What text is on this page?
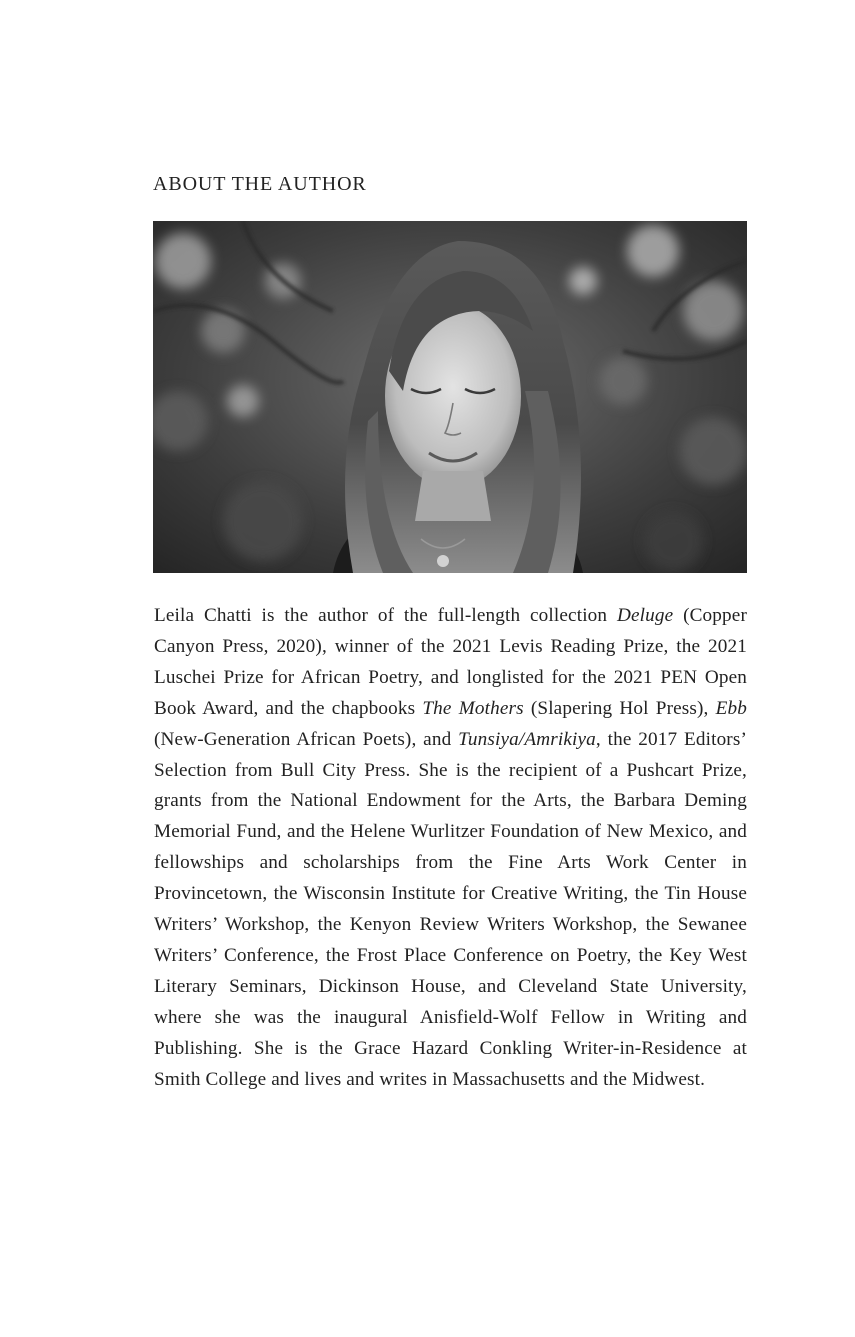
ABOUT THE AUTHOR

Leila Chatti is the author of the full-length collection Deluge (Copper Canyon Press, 2020), winner of the 2021 Levis Reading Prize, the 2021 Luschei Prize for African Poetry, and longlisted for the 2021 PEN Open Book Award, and the chapbooks The Mothers (Slapering Hol Press), Ebb (New-Generation African Poets), and Tunsiya/Amrikiya, the 2017 Editors’ Selection from Bull City Press. She is the recipient of a Pushcart Prize, grants from the National Endowment for the Arts, the Barbara Deming Memorial Fund, and the Helene Wurlitzer Foundation of New Mexico, and fellowships and scholarships from the Fine Arts Work Center in Provincetown, the Wisconsin Institute for Creative Writing, the Tin House Writers’ Workshop, the Kenyon Review Writers Workshop, the Sewanee Writers’ Conference, the Frost Place Conference on Poetry, the Key West Literary Seminars, Dickinson House, and Cleveland State University, where she was the inaugural Anisfield-Wolf Fellow in Writing and Publishing. She is the Grace Hazard Conkling Writer-in-Residence at Smith College and lives and writes in Massachusetts and the Midwest.
